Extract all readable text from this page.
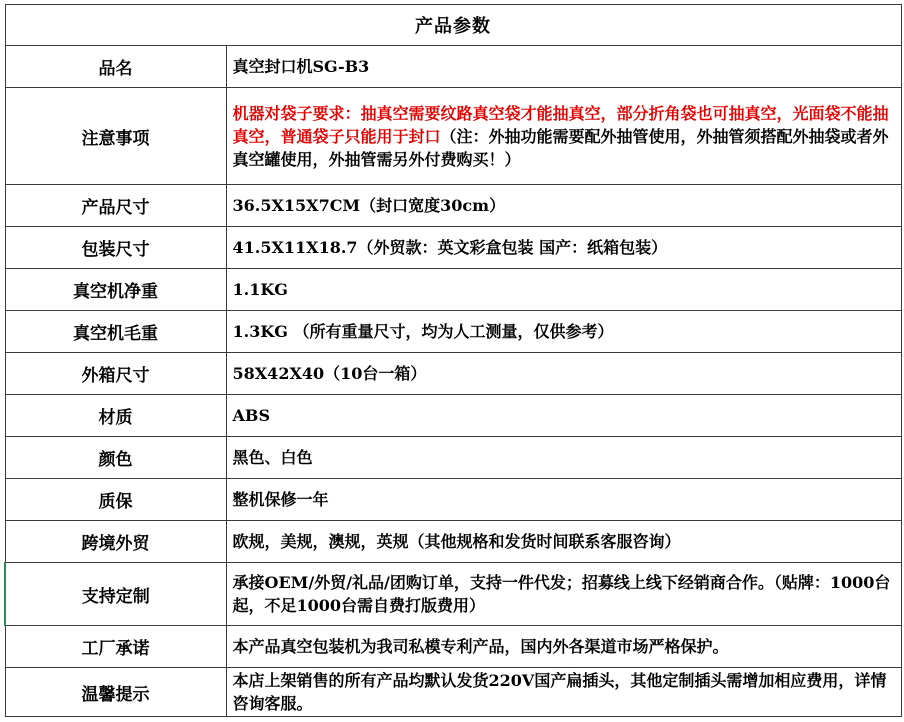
产品参数	
品名	真空封口机SG-B3
注意事项	机器对袋子要求：抽真空需要纹路真空袋才能抽真空，部分折角袋也可抽真空，光面袋不能抽真空，普通袋子只能用于封口（注：外抽功能需要配外抽管使用，外抽管须搭配外抽袋或者外真空罐使用，外抽管需另外付费购买！）
产品尺寸	36.5X15X7CM（封口宽度30cm）
包装尺寸	41.5X11X18.7（外贸款：英文彩盒包装 国产：纸箱包装）
真空机净重	1.1KG
真空机毛重	1.3KG （所有重量尺寸，均为人工测量，仅供参考）
外箱尺寸	58X42X40（10台一箱）
材质	ABS
颜色	黑色、白色
质保	整机保修一年
跨境外贸	欧规，美规，澳规，英规（其他规格和发货时间联系客服咨询）
支持定制	承接OEM/外贸/礼品/团购订单，支持一件代发；招募线上线下经销商合作。（贴牌：1000台起，不足1000台需自费打版费用）
工厂承诺	本产品真空包装机为我司私模专利产品，国内外各渠道市场严格保护。
温馨提示	本店上架销售的所有产品均默认发货220V国产扁插头，其他定制插头需增加相应费用，详情咨询客服。
